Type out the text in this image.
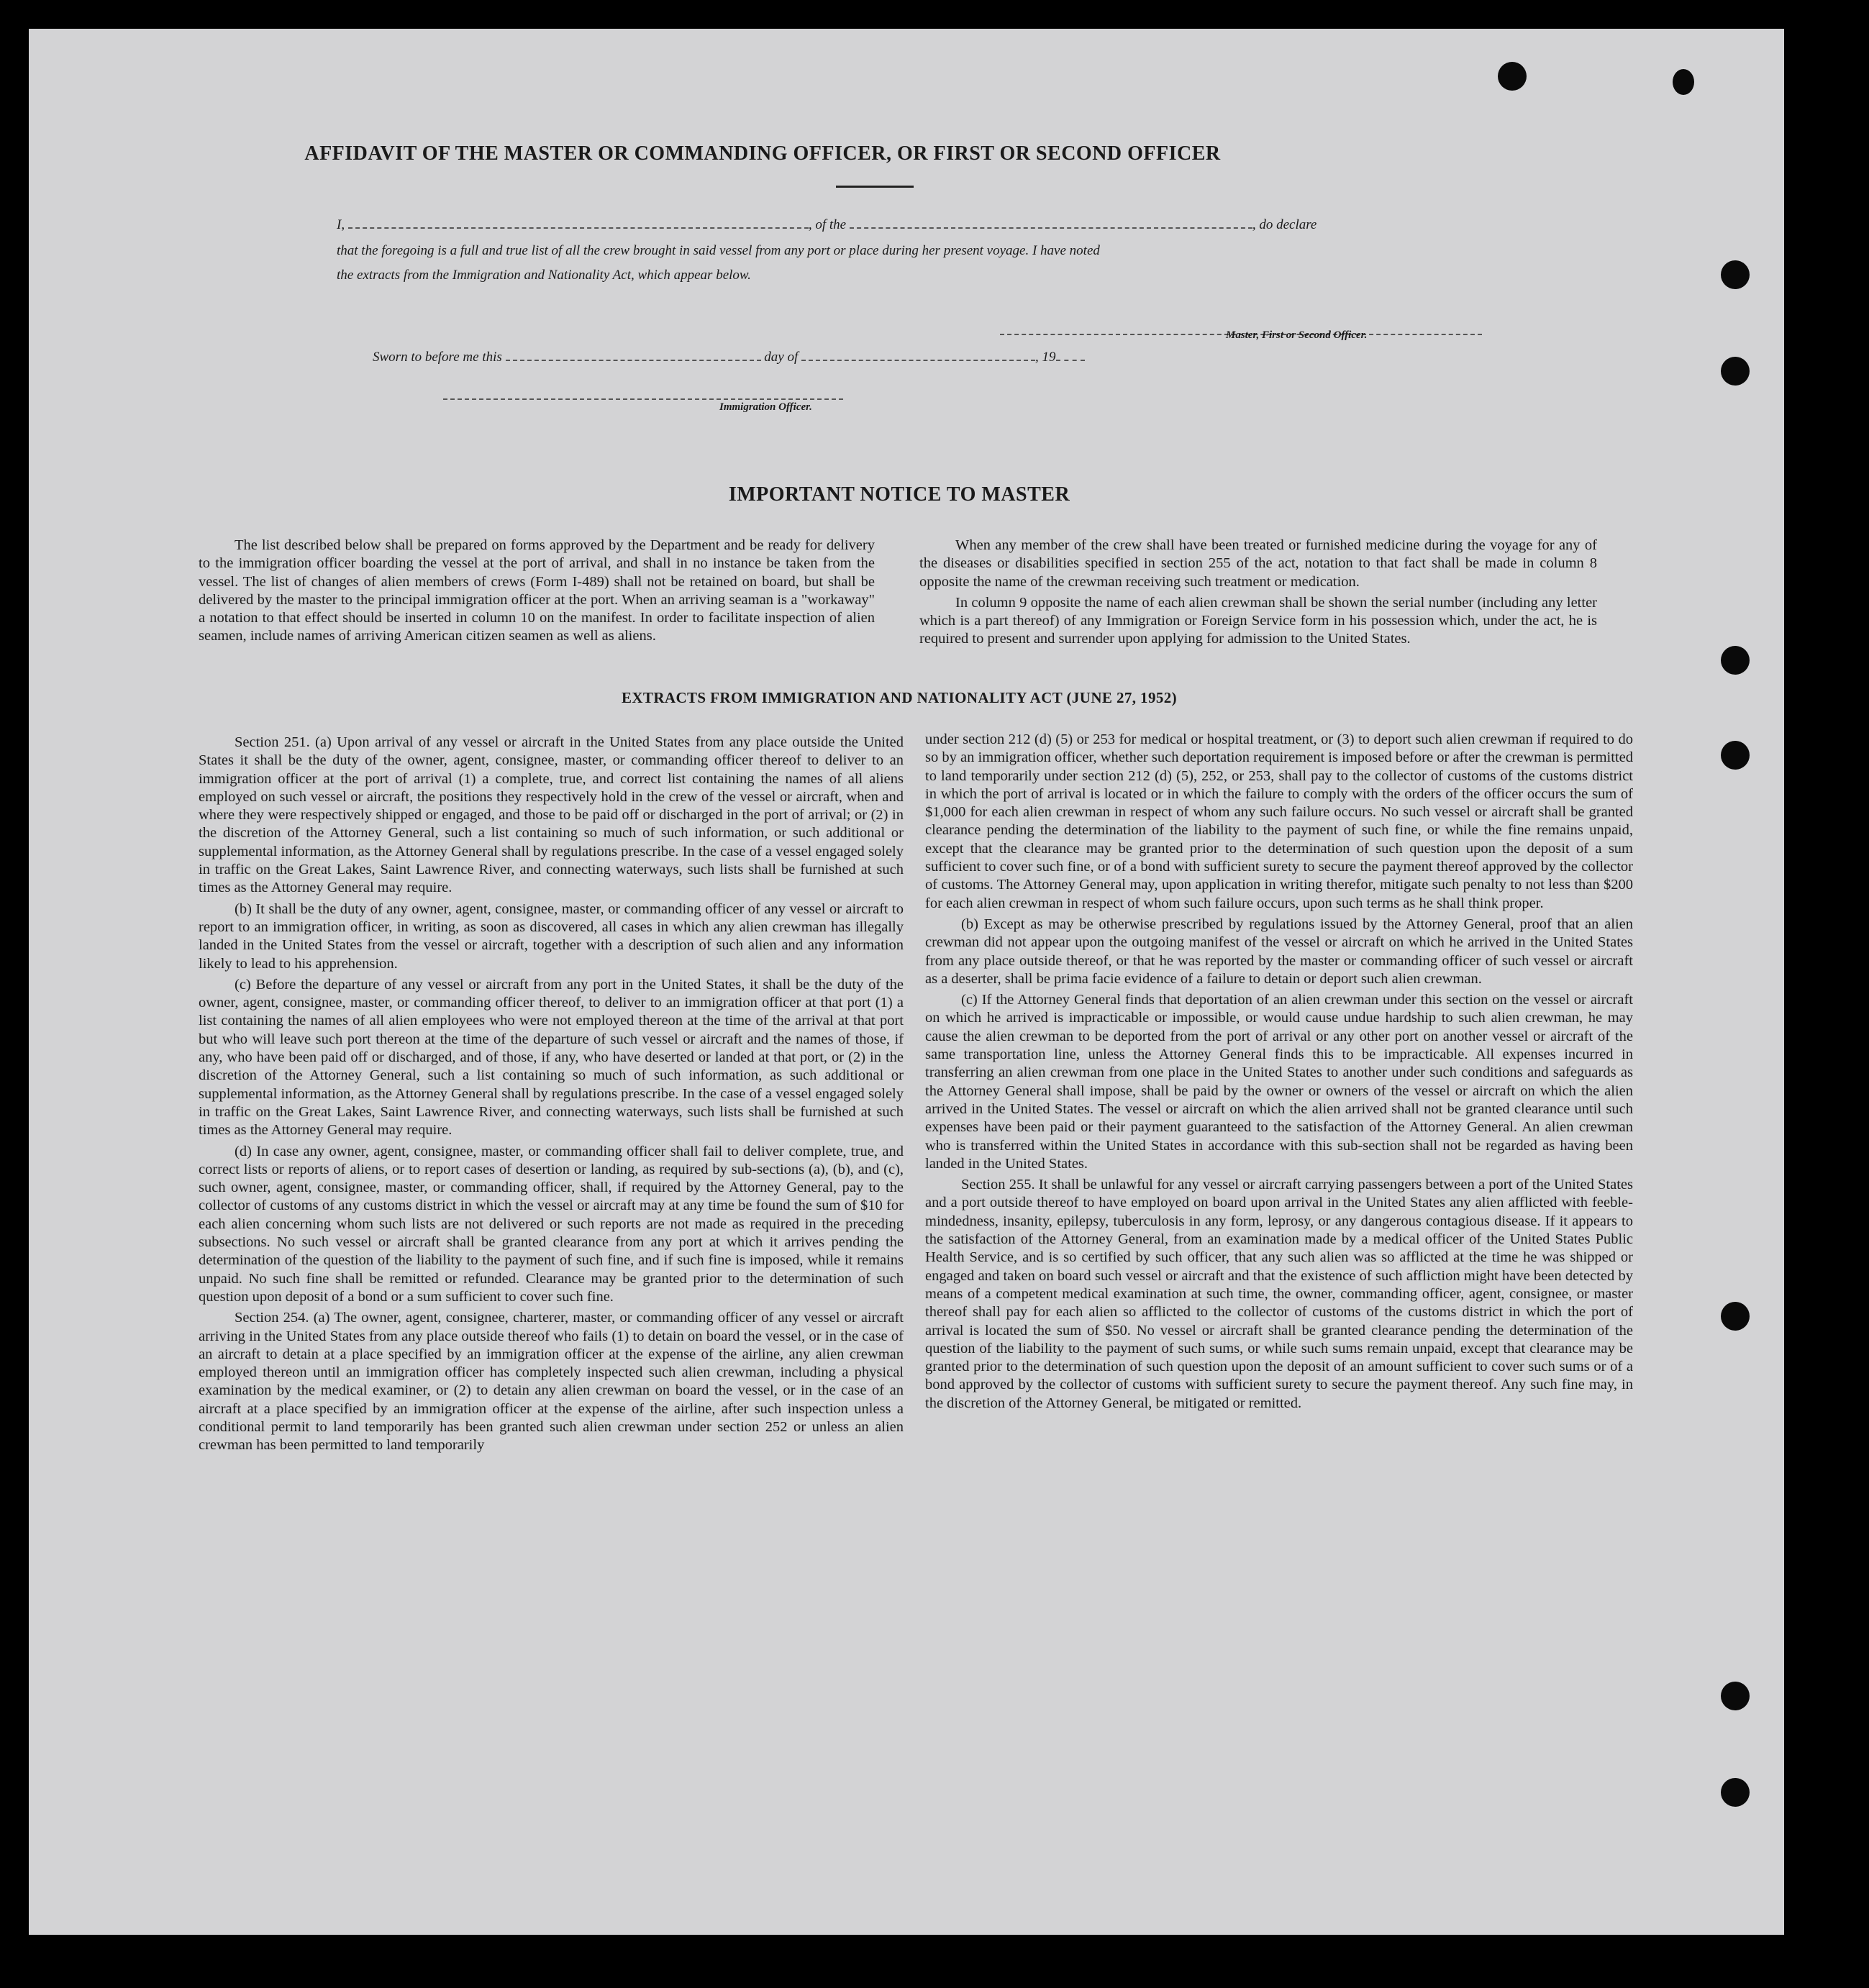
AFFIDAVIT OF THE MASTER OR COMMANDING OFFICER, OR FIRST OR SECOND OFFICER
I,	, of the	, do declare
that the foregoing is a full and true list of all the crew brought in said vessel from any port or place during her present voyage. I have noted
the extracts from the Immigration and Nationality Act, which appear below.
Master, First or Second Officer.
Sworn to before me this	day of	, 19
Immigration Officer.
IMPORTANT NOTICE TO MASTER

The list described below shall be prepared on forms approved by the Department and be ready for delivery to the immigration officer boarding the vessel at the port of arrival, and shall in no instance be taken from the vessel. The list of changes of alien members of crews (Form I-489) shall not be retained on board, but shall be delivered by the master to the principal immigration officer at the port. When an arriving seaman is a "workaway" a notation to that effect should be inserted in column 10 on the manifest. In order to facilitate inspection of alien seamen, include names of arriving American citizen seamen as well as aliens.

When any member of the crew shall have been treated or furnished medicine during the voyage for any of the diseases or disabilities specified in section 255 of the act, notation to that fact shall be made in column 8 opposite the name of the crewman receiving such treatment or medication.

In column 9 opposite the name of each alien crewman shall be shown the serial number (including any letter which is a part thereof) of any Immigration or Foreign Service form in his possession which, under the act, he is required to present and surrender upon applying for admission to the United States.

EXTRACTS FROM IMMIGRATION AND NATIONALITY ACT (JUNE 27, 1952)

Section 251. (a) Upon arrival of any vessel or aircraft in the United States from any place outside the United States it shall be the duty of the owner, agent, consignee, master, or commanding officer thereof to deliver to an immigration officer at the port of arrival (1) a complete, true, and correct list containing the names of all aliens employed on such vessel or aircraft, the positions they respectively hold in the crew of the vessel or aircraft, when and where they were respectively shipped or engaged, and those to be paid off or discharged in the port of arrival; or (2) in the discretion of the Attorney General, such a list containing so much of such information, or such additional or supplemental information, as the Attorney General shall by regulations prescribe. In the case of a vessel engaged solely in traffic on the Great Lakes, Saint Lawrence River, and connecting waterways, such lists shall be furnished at such times as the Attorney General may require.

(b) It shall be the duty of any owner, agent, consignee, master, or commanding officer of any vessel or aircraft to report to an immigration officer, in writing, as soon as discovered, all cases in which any alien crewman has illegally landed in the United States from the vessel or aircraft, together with a description of such alien and any information likely to lead to his apprehension.

(c) Before the departure of any vessel or aircraft from any port in the United States, it shall be the duty of the owner, agent, consignee, master, or commanding officer thereof, to deliver to an immigration officer at that port (1) a list containing the names of all alien employees who were not employed thereon at the time of the arrival at that port but who will leave such port thereon at the time of the departure of such vessel or aircraft and the names of those, if any, who have been paid off or discharged, and of those, if any, who have deserted or landed at that port, or (2) in the discretion of the Attorney General, such a list containing so much of such information, as such additional or supplemental information, as the Attorney General shall by regulations prescribe. In the case of a vessel engaged solely in traffic on the Great Lakes, Saint Lawrence River, and connecting waterways, such lists shall be furnished at such times as the Attorney General may require.

(d) In case any owner, agent, consignee, master, or commanding officer shall fail to deliver complete, true, and correct lists or reports of aliens, or to report cases of desertion or landing, as required by sub-sections (a), (b), and (c), such owner, agent, consignee, master, or commanding officer, shall, if required by the Attorney General, pay to the collector of customs of any customs district in which the vessel or aircraft may at any time be found the sum of $10 for each alien concerning whom such lists are not delivered or such reports are not made as required in the preceding subsections. No such vessel or aircraft shall be granted clearance from any port at which it arrives pending the determination of the question of the liability to the payment of such fine, and if such fine is imposed, while it remains unpaid. No such fine shall be remitted or refunded. Clearance may be granted prior to the determination of such question upon deposit of a bond or a sum sufficient to cover such fine.

Section 254. (a) The owner, agent, consignee, charterer, master, or commanding officer of any vessel or aircraft arriving in the United States from any place outside thereof who fails (1) to detain on board the vessel, or in the case of an aircraft to detain at a place specified by an immigration officer at the expense of the airline, any alien crewman employed thereon until an immigration officer has completely inspected such alien crewman, including a physical examination by the medical examiner, or (2) to detain any alien crewman on board the vessel, or in the case of an aircraft at a place specified by an immigration officer at the expense of the airline, after such inspection unless a conditional permit to land temporarily has been granted such alien crewman under section 252 or unless an alien crewman has been permitted to land temporarily

under section 212 (d) (5) or 253 for medical or hospital treatment, or (3) to deport such alien crewman if required to do so by an immigration officer, whether such deportation requirement is imposed before or after the crewman is permitted to land temporarily under section 212 (d) (5), 252, or 253, shall pay to the collector of customs of the customs district in which the port of arrival is located or in which the failure to comply with the orders of the officer occurs the sum of $1,000 for each alien crewman in respect of whom any such failure occurs. No such vessel or aircraft shall be granted clearance pending the determination of the liability to the payment of such fine, or while the fine remains unpaid, except that the clearance may be granted prior to the determination of such question upon the deposit of a sum sufficient to cover such fine, or of a bond with sufficient surety to secure the payment thereof approved by the collector of customs. The Attorney General may, upon application in writing therefor, mitigate such penalty to not less than $200 for each alien crewman in respect of whom such failure occurs, upon such terms as he shall think proper.

(b) Except as may be otherwise prescribed by regulations issued by the Attorney General, proof that an alien crewman did not appear upon the outgoing manifest of the vessel or aircraft on which he arrived in the United States from any place outside thereof, or that he was reported by the master or commanding officer of such vessel or aircraft as a deserter, shall be prima facie evidence of a failure to detain or deport such alien crewman.

(c) If the Attorney General finds that deportation of an alien crewman under this section on the vessel or aircraft on which he arrived is impracticable or impossible, or would cause undue hardship to such alien crewman, he may cause the alien crewman to be deported from the port of arrival or any other port on another vessel or aircraft of the same transportation line, unless the Attorney General finds this to be impracticable. All expenses incurred in transferring an alien crewman from one place in the United States to another under such conditions and safeguards as the Attorney General shall impose, shall be paid by the owner or owners of the vessel or aircraft on which the alien arrived in the United States. The vessel or aircraft on which the alien arrived shall not be granted clearance until such expenses have been paid or their payment guaranteed to the satisfaction of the Attorney General. An alien crewman who is transferred within the United States in accordance with this sub-section shall not be regarded as having been landed in the United States.

Section 255. It shall be unlawful for any vessel or aircraft carrying passengers between a port of the United States and a port outside thereof to have employed on board upon arrival in the United States any alien afflicted with feeble-mindedness, insanity, epilepsy, tuberculosis in any form, leprosy, or any dangerous contagious disease. If it appears to the satisfaction of the Attorney General, from an examination made by a medical officer of the United States Public Health Service, and is so certified by such officer, that any such alien was so afflicted at the time he was shipped or engaged and taken on board such vessel or aircraft and that the existence of such affliction might have been detected by means of a competent medical examination at such time, the owner, commanding officer, agent, consignee, or master thereof shall pay for each alien so afflicted to the collector of customs of the customs district in which the port of arrival is located the sum of $50. No vessel or aircraft shall be granted clearance pending the determination of the question of the liability to the payment of such sums, or while such sums remain unpaid, except that clearance may be granted prior to the determination of such question upon the deposit of an amount sufficient to cover such sums or of a bond approved by the collector of customs with sufficient surety to secure the payment thereof. Any such fine may, in the discretion of the Attorney General, be mitigated or remitted.
